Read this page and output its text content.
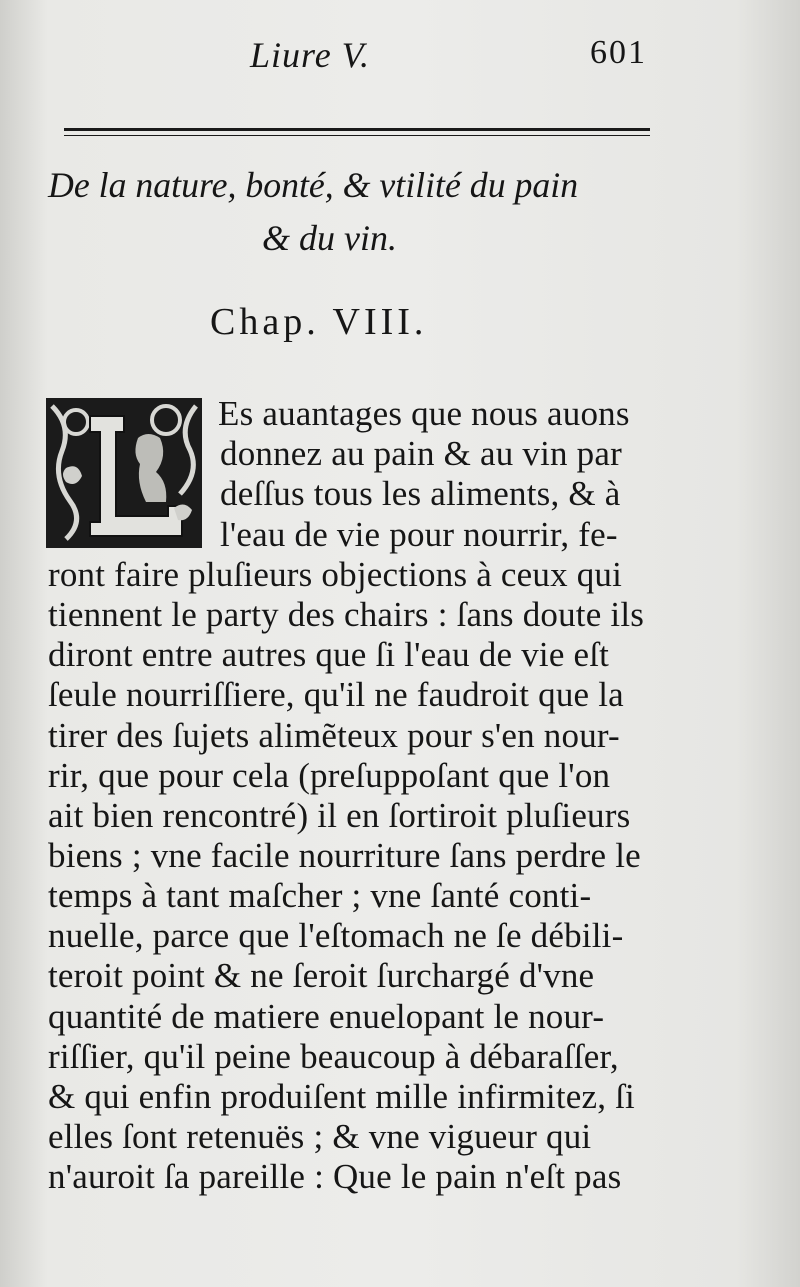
Liure V.	601
De la nature, bonté, & vtilité du pain
& du vin.
Chap. VIII.
Es auantages que nous auons
donnez au pain & au vin par
deſſus tous les aliments, & à
l'eau de vie pour nourrir, fe-
ront faire pluſieurs objections à ceux qui
tiennent le party des chairs : ſans doute ils
diront entre autres que ſi l'eau de vie eſt
ſeule nourriſſiere, qu'il ne faudroit que la
tirer des ſujets alimẽteux pour s'en nour-
rir, que pour cela (preſuppoſant que l'on
ait bien rencontré) il en ſortiroit pluſieurs
biens ; vne facile nourriture ſans perdre le
temps à tant maſcher ; vne ſanté conti-
nuelle, parce que l'eſtomach ne ſe débili-
teroit point & ne ſeroit ſurchargé d'vne
quantité de matiere enuelopant le nour-
riſſier, qu'il peine beaucoup à débaraſſer,
& qui enfin produiſent mille infirmitez, ſi
elles ſont retenuës ; & vne vigueur qui
n'auroit ſa pareille : Que le pain n'eſt pas
